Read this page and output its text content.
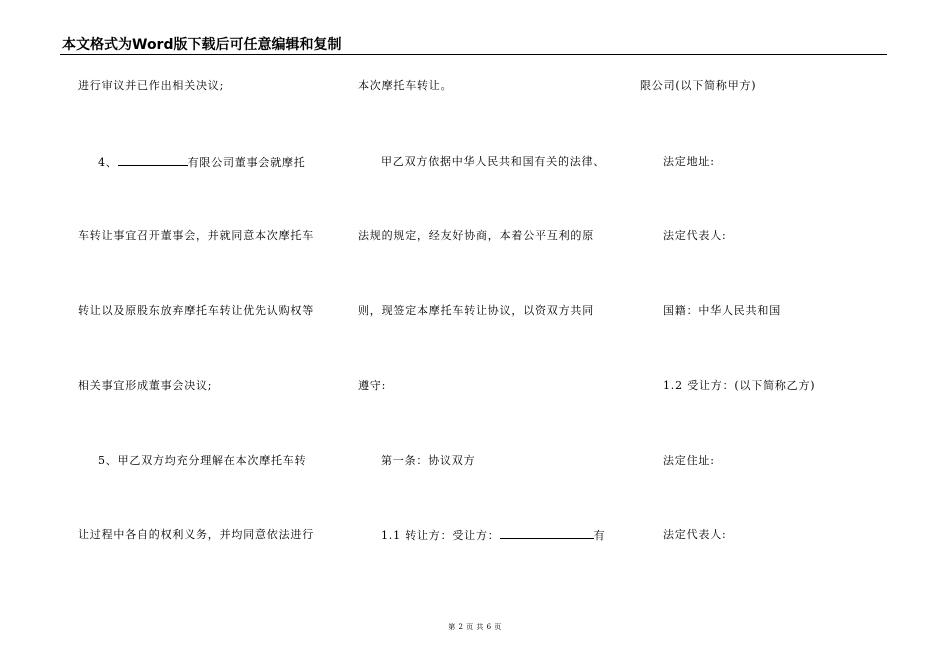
本文格式为Word版下载后可任意编辑和复制
进行审议并已作出相关决议;
4、	有限公司董事会就摩托
车转让事宜召开董事会，并就同意本次摩托车
转让以及原股东放弃摩托车转让优先认购权等
相关事宜形成董事会决议;
5、甲乙双方均充分理解在本次摩托车转
让过程中各自的权利义务，并均同意依法进行
本次摩托车转让。
甲乙双方依据中华人民共和国有关的法律、
法规的规定，经友好协商，本着公平互利的原
则，现签定本摩托车转让协议，以资双方共同
遵守:
第一条：协议双方
1.1 转让方：受让方：	有
限公司(以下简称甲方)
法定地址:
法定代表人:
国籍：中华人民共和国
1.2 受让方：(以下简称乙方)
法定住址:
法定代表人:
第 2 页 共 6 页
